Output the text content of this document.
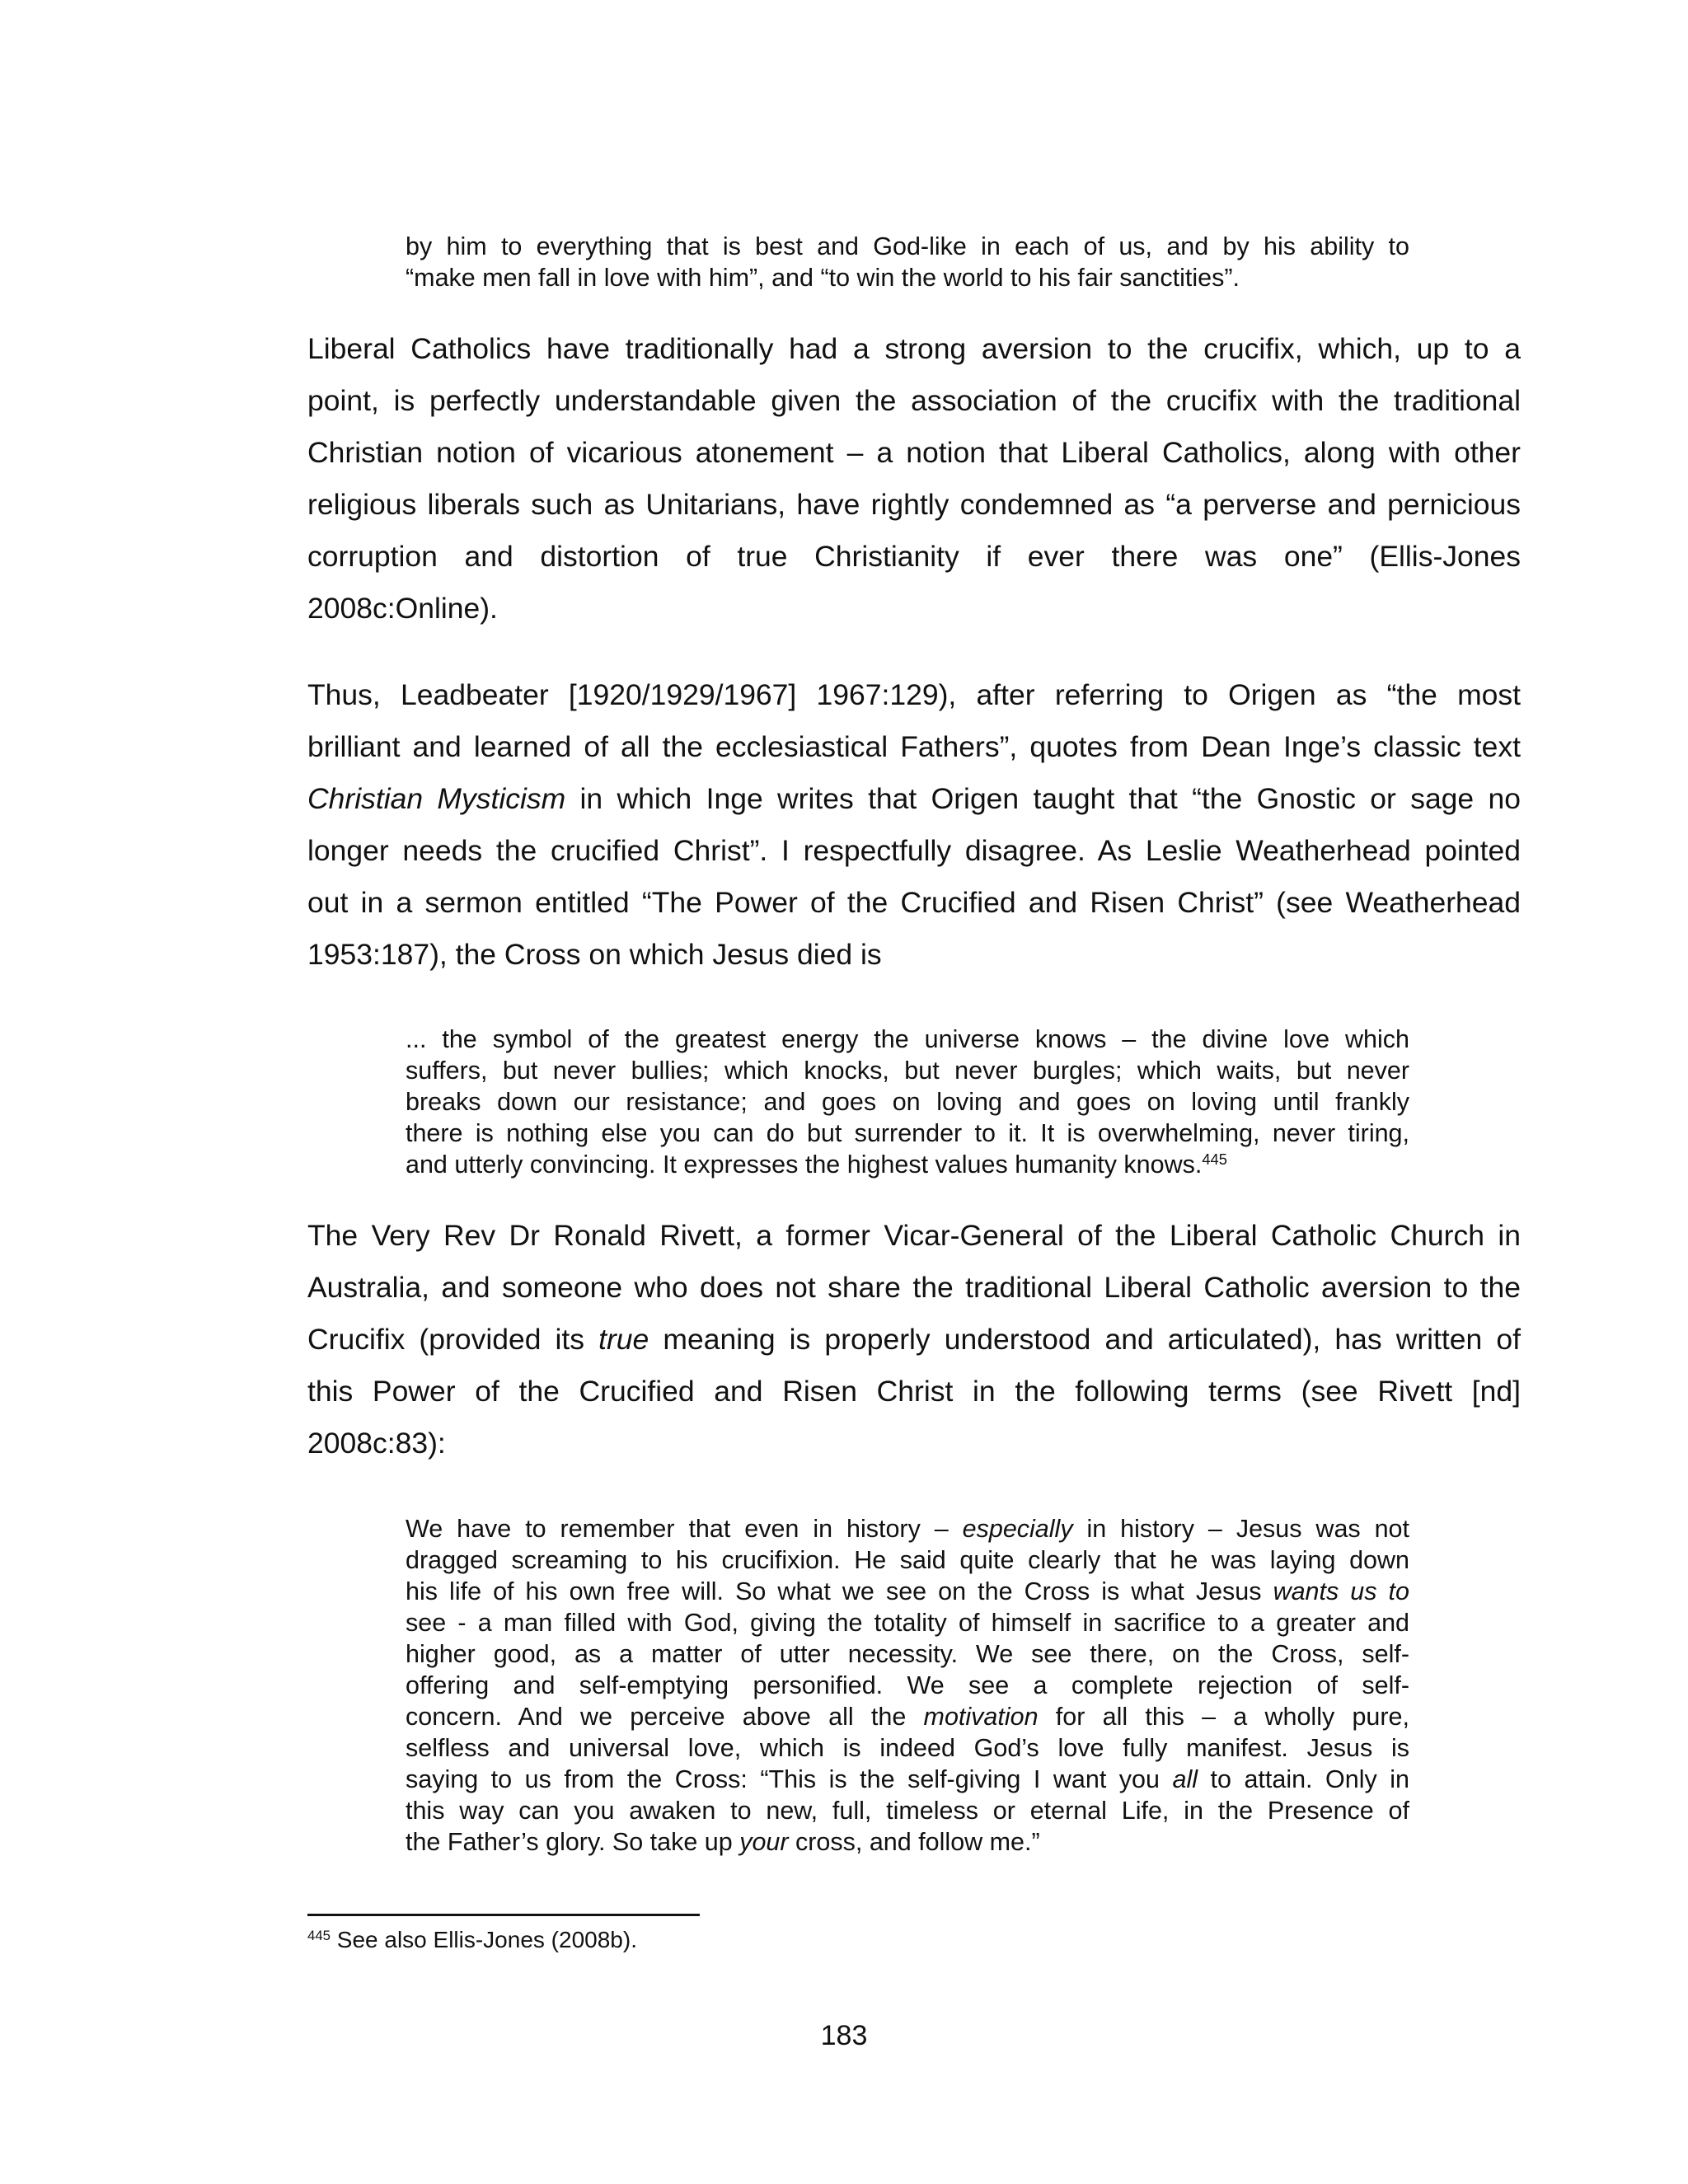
by him to everything that is best and God-like in each of us, and by his ability to
“make men fall in love with him”, and “to win the world to his fair sanctities”.
Liberal Catholics have traditionally had a strong aversion to the crucifix, which, up to a
point, is perfectly understandable given the association of the crucifix with the traditional
Christian notion of vicarious atonement – a notion that Liberal Catholics, along with other
religious liberals such as Unitarians, have rightly condemned as “a perverse and pernicious
corruption and distortion of true Christianity if ever there was one” (Ellis-Jones
2008c:Online).
Thus, Leadbeater [1920/1929/1967] 1967:129), after referring to Origen as “the most
brilliant and learned of all the ecclesiastical Fathers”, quotes from Dean Inge’s classic text
Christian Mysticism in which Inge writes that Origen taught that “the Gnostic or sage no
longer needs the crucified Christ”. I respectfully disagree. As Leslie Weatherhead pointed
out in a sermon entitled “The Power of the Crucified and Risen Christ” (see Weatherhead
1953:187), the Cross on which Jesus died is
... the symbol of the greatest energy the universe knows – the divine love which
suffers, but never bullies; which knocks, but never burgles; which waits, but never
breaks down our resistance; and goes on loving and goes on loving until frankly
there is nothing else you can do but surrender to it. It is overwhelming, never tiring,
and utterly convincing. It expresses the highest values humanity knows.$^{445}$
The Very Rev Dr Ronald Rivett, a former Vicar-General of the Liberal Catholic Church in
Australia, and someone who does not share the traditional Liberal Catholic aversion to the
Crucifix (provided its true meaning is properly understood and articulated), has written of
this Power of the Crucified and Risen Christ in the following terms (see Rivett [nd]
2008c:83):
We have to remember that even in history – especially in history – Jesus was not
dragged screaming to his crucifixion. He said quite clearly that he was laying down
his life of his own free will. So what we see on the Cross is what Jesus wants us to
see - a man filled with God, giving the totality of himself in sacrifice to a greater and
higher good, as a matter of utter necessity. We see there, on the Cross, self-
offering and self-emptying personified. We see a complete rejection of self-
concern. And we perceive above all the motivation for all this – a wholly pure,
selfless and universal love, which is indeed God’s love fully manifest. Jesus is
saying to us from the Cross: “This is the self-giving I want you all to attain. Only in
this way can you awaken to new, full, timeless or eternal Life, in the Presence of
the Father’s glory. So take up your cross, and follow me.”
$^{445}$ See also Ellis-Jones (2008b).
183
